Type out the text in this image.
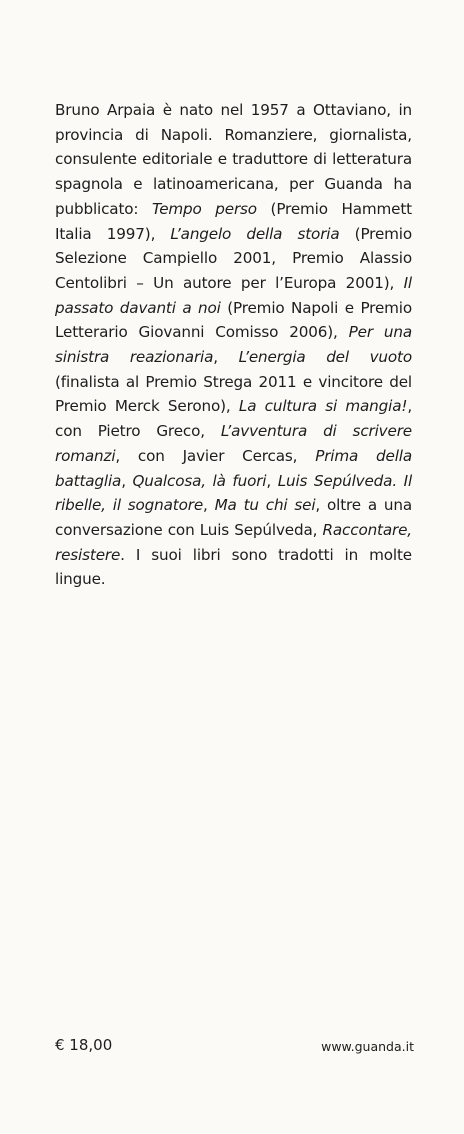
Bruno Arpaia è nato nel 1957 a Ottaviano, in provincia di Napoli. Romanziere, giornalista, consulente editoriale e traduttore di letteratura spagnola e latinoamericana, per Guanda ha pubblicato: Tempo perso (Premio Hammett Italia 1997), L’angelo della storia (Premio Selezione Campiello 2001, Premio Alassio Centolibri – Un autore per l’Europa 2001), Il passato davanti a noi (Premio Napoli e Premio Letterario Giovanni Comisso 2006), Per una sinistra reazionaria, L’energia del vuoto (finalista al Premio Strega 2011 e vincitore del Premio Merck Serono), La cultura si mangia!, con Pietro Greco, L’avventura di scrivere romanzi, con Javier Cercas, Prima della battaglia, Qualcosa, là fuori, Luis Sepúlveda. Il ribelle, il sognatore, Ma tu chi sei, oltre a una conversazione con Luis Sepúlveda, Raccontare, resistere. I suoi libri sono tradotti in molte lingue.

€ 18,00	www.guanda.it
